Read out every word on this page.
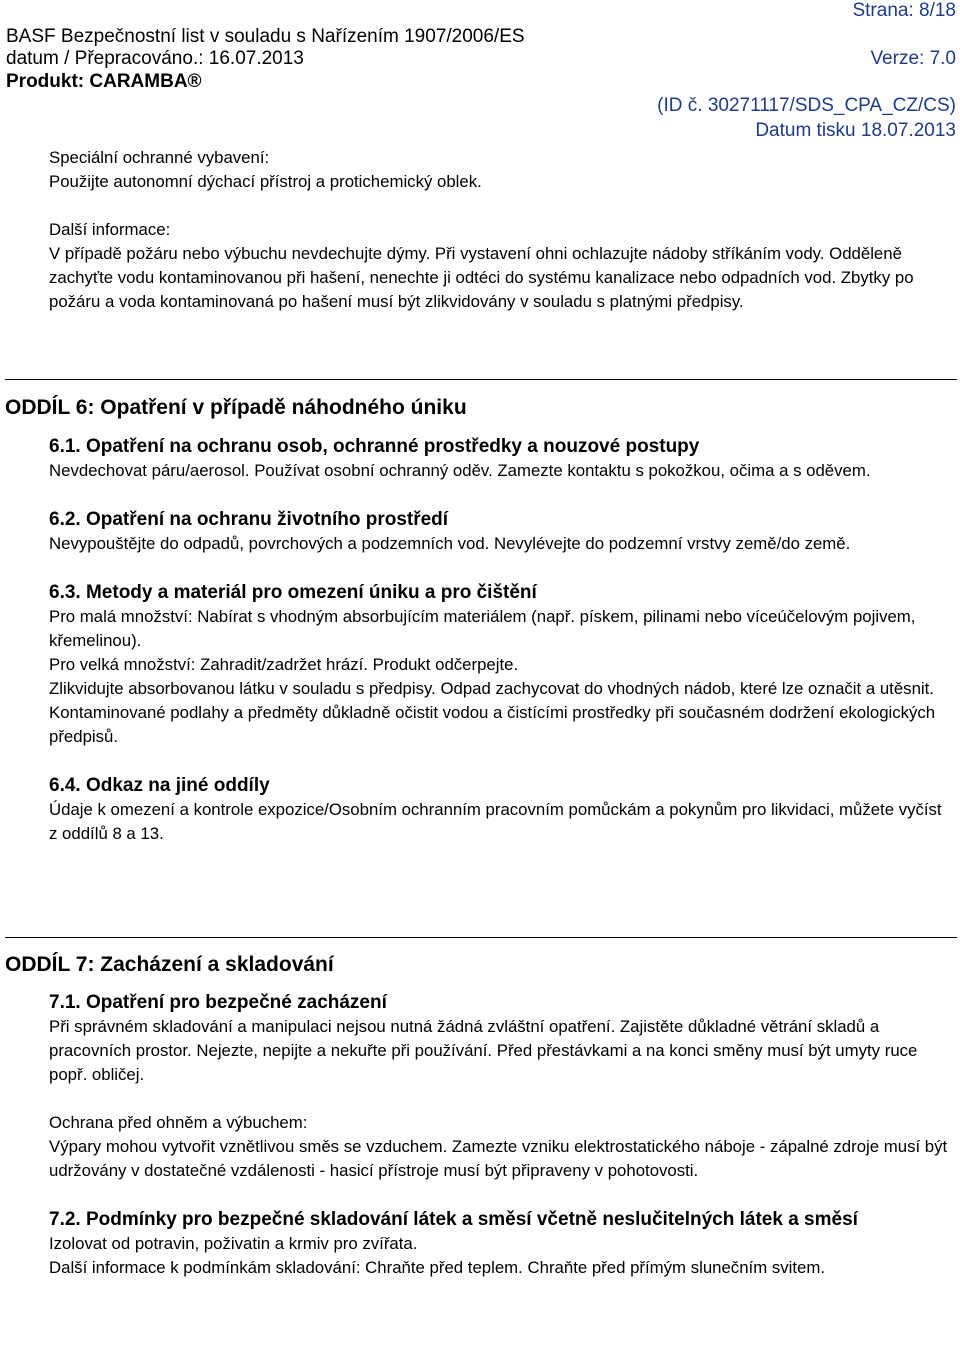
Strana: 8/18
BASF Bezpečnostní list v souladu s Nařízením 1907/2006/ES
datum / Přepracováno.: 16.07.2013	Verze: 7.0
Produkt: CARAMBA®
(ID č. 30271117/SDS_CPA_CZ/CS)
Datum tisku 18.07.2013

Speciální ochranné vybavení:

Použijte autonomní dýchací přístroj a protichemický oblek.

Další informace:

V případě požáru nebo výbuchu nevdechujte dýmy. Při vystavení ohni ochlazujte nádoby stříkáním vody. Odděleně zachyťte vodu kontaminovanou při hašení, nenechte ji odtéci do systému kanalizace nebo odpadních vod. Zbytky po požáru a voda kontaminovaná po hašení musí být zlikvidovány v souladu s platnými předpisy.

ODDÍL 6: Opatření v případě náhodného úniku

6.1. Opatření na ochranu osob, ochranné prostředky a nouzové postupy

Nevdechovat páru/aerosol. Používat osobní ochranný oděv. Zamezte kontaktu s pokožkou, očima a s oděvem.

6.2. Opatření na ochranu životního prostředí

Nevypouštějte do odpadů, povrchových a podzemních vod. Nevylévejte do podzemní vrstvy země/do země.

6.3. Metody a materiál pro omezení úniku a pro čištění

Pro malá množství: Nabírat s vhodným absorbujícím materiálem (např. pískem, pilinami nebo víceúčelovým pojivem, křemelinou).

Pro velká množství: Zahradit/zadržet hrází. Produkt odčerpejte.

Zlikvidujte absorbovanou látku v souladu s předpisy. Odpad zachycovat do vhodných nádob, které lze označit a utěsnit. Kontaminované podlahy a předměty důkladně očistit vodou a čistícími prostředky při současném dodržení ekologických předpisů.

6.4. Odkaz na jiné oddíly

Údaje k omezení a kontrole expozice/Osobním ochranním pracovním pomůckám a pokynům pro likvidaci, můžete vyčíst z oddílů 8 a 13.

ODDÍL 7: Zacházení a skladování

7.1. Opatření pro bezpečné zacházení

Při správném skladování a manipulaci nejsou nutná žádná zvláštní opatření. Zajistěte důkladné větrání skladů a pracovních prostor. Nejezte, nepijte a nekuřte při používání. Před přestávkami a na konci směny musí být umyty ruce popř. obličej.

Ochrana před ohněm a výbuchem:

Výpary mohou vytvořit vznětlivou směs se vzduchem. Zamezte vzniku elektrostatického náboje - zápalné zdroje musí být udržovány v dostatečné vzdálenosti - hasicí přístroje musí být připraveny v pohotovosti.

7.2. Podmínky pro bezpečné skladování látek a směsí včetně neslučitelných látek a směsí

Izolovat od potravin, poživatin a krmiv pro zvířata.

Další informace k podmínkám skladování: Chraňte před teplem. Chraňte před přímým slunečním svitem.
